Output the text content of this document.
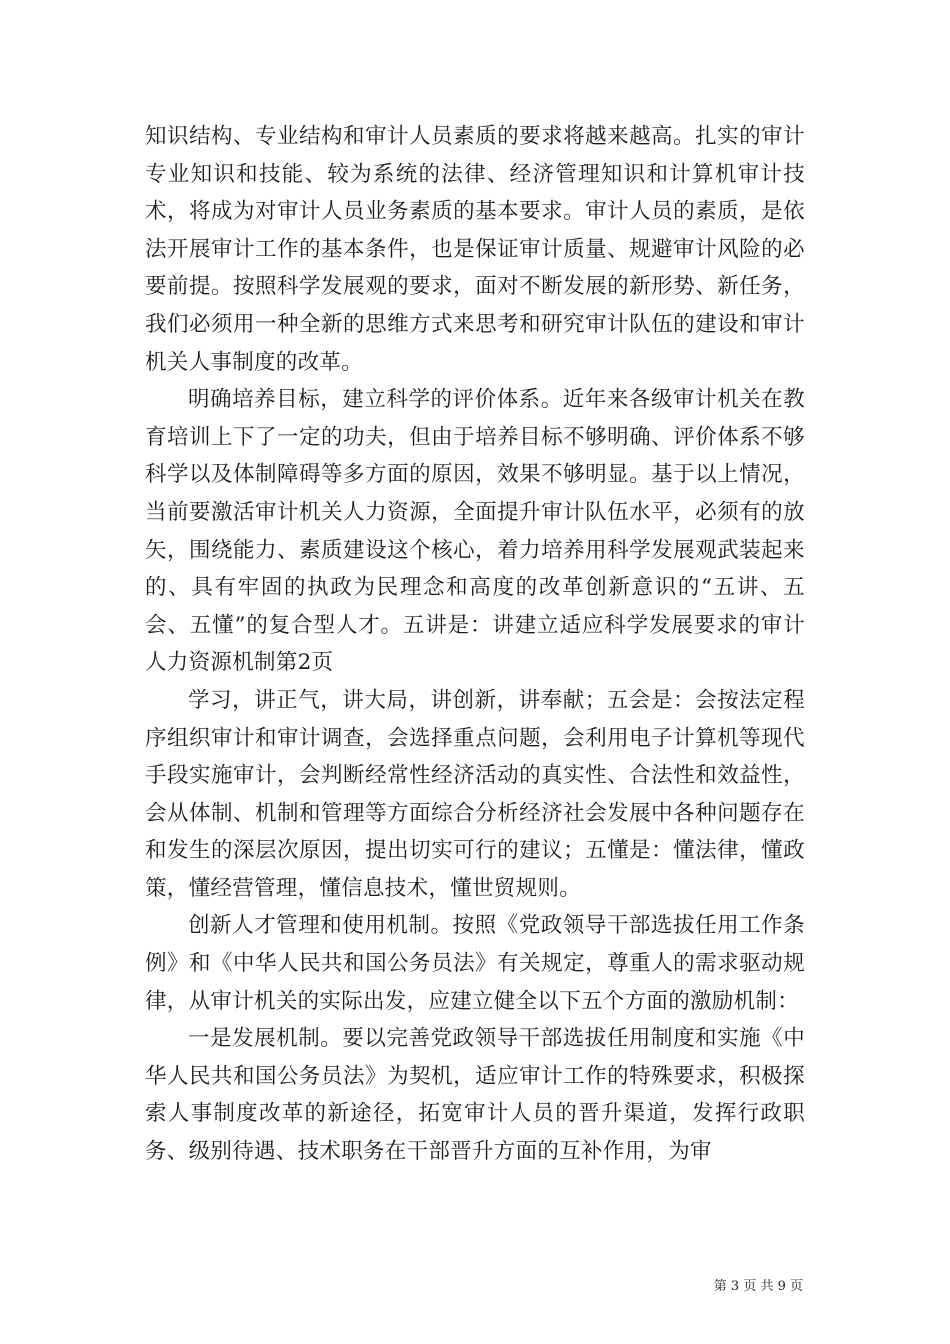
知识结构、专业结构和审计人员素质的要求将越来越高。扎实的审计专业知识和技能、较为系统的法律、经济管理知识和计算机审计技术，将成为对审计人员业务素质的基本要求。审计人员的素质，是依法开展审计工作的基本条件，也是保证审计质量、规避审计风险的必要前提。按照科学发展观的要求，面对不断发展的新形势、新任务，我们必须用一种全新的思维方式来思考和研究审计队伍的建设和审计机关人事制度的改革。

明确培养目标，建立科学的评价体系。近年来各级审计机关在教育培训上下了一定的功夫，但由于培养目标不够明确、评价体系不够科学以及体制障碍等多方面的原因，效果不够明显。基于以上情况，当前要激活审计机关人力资源，全面提升审计队伍水平，必须有的放矢，围绕能力、素质建设这个核心，着力培养用科学发展观武装起来的、具有牢固的执政为民理念和高度的改革创新意识的“五讲、五会、五懂”的复合型人才。五讲是：讲建立适应科学发展要求的审计人力资源机制第2页

学习，讲正气，讲大局，讲创新，讲奉献；五会是：会按法定程序组织审计和审计调查，会选择重点问题，会利用电子计算机等现代手段实施审计，会判断经常性经济活动的真实性、合法性和效益性，会从体制、机制和管理等方面综合分析经济社会发展中各种问题存在和发生的深层次原因，提出切实可行的建议；五懂是：懂法律，懂政策，懂经营管理，懂信息技术，懂世贸规则。

创新人才管理和使用机制。按照《党政领导干部选拔任用工作条例》和《中华人民共和国公务员法》有关规定，尊重人的需求驱动规律，从审计机关的实际出发，应建立健全以下五个方面的激励机制：

一是发展机制。要以完善党政领导干部选拔任用制度和实施《中华人民共和国公务员法》为契机，适应审计工作的特殊要求，积极探索人事制度改革的新途径，拓宽审计人员的晋升渠道，发挥行政职务、级别待遇、技术职务在干部晋升方面的互补作用，为审

第 3 页 共 9 页
